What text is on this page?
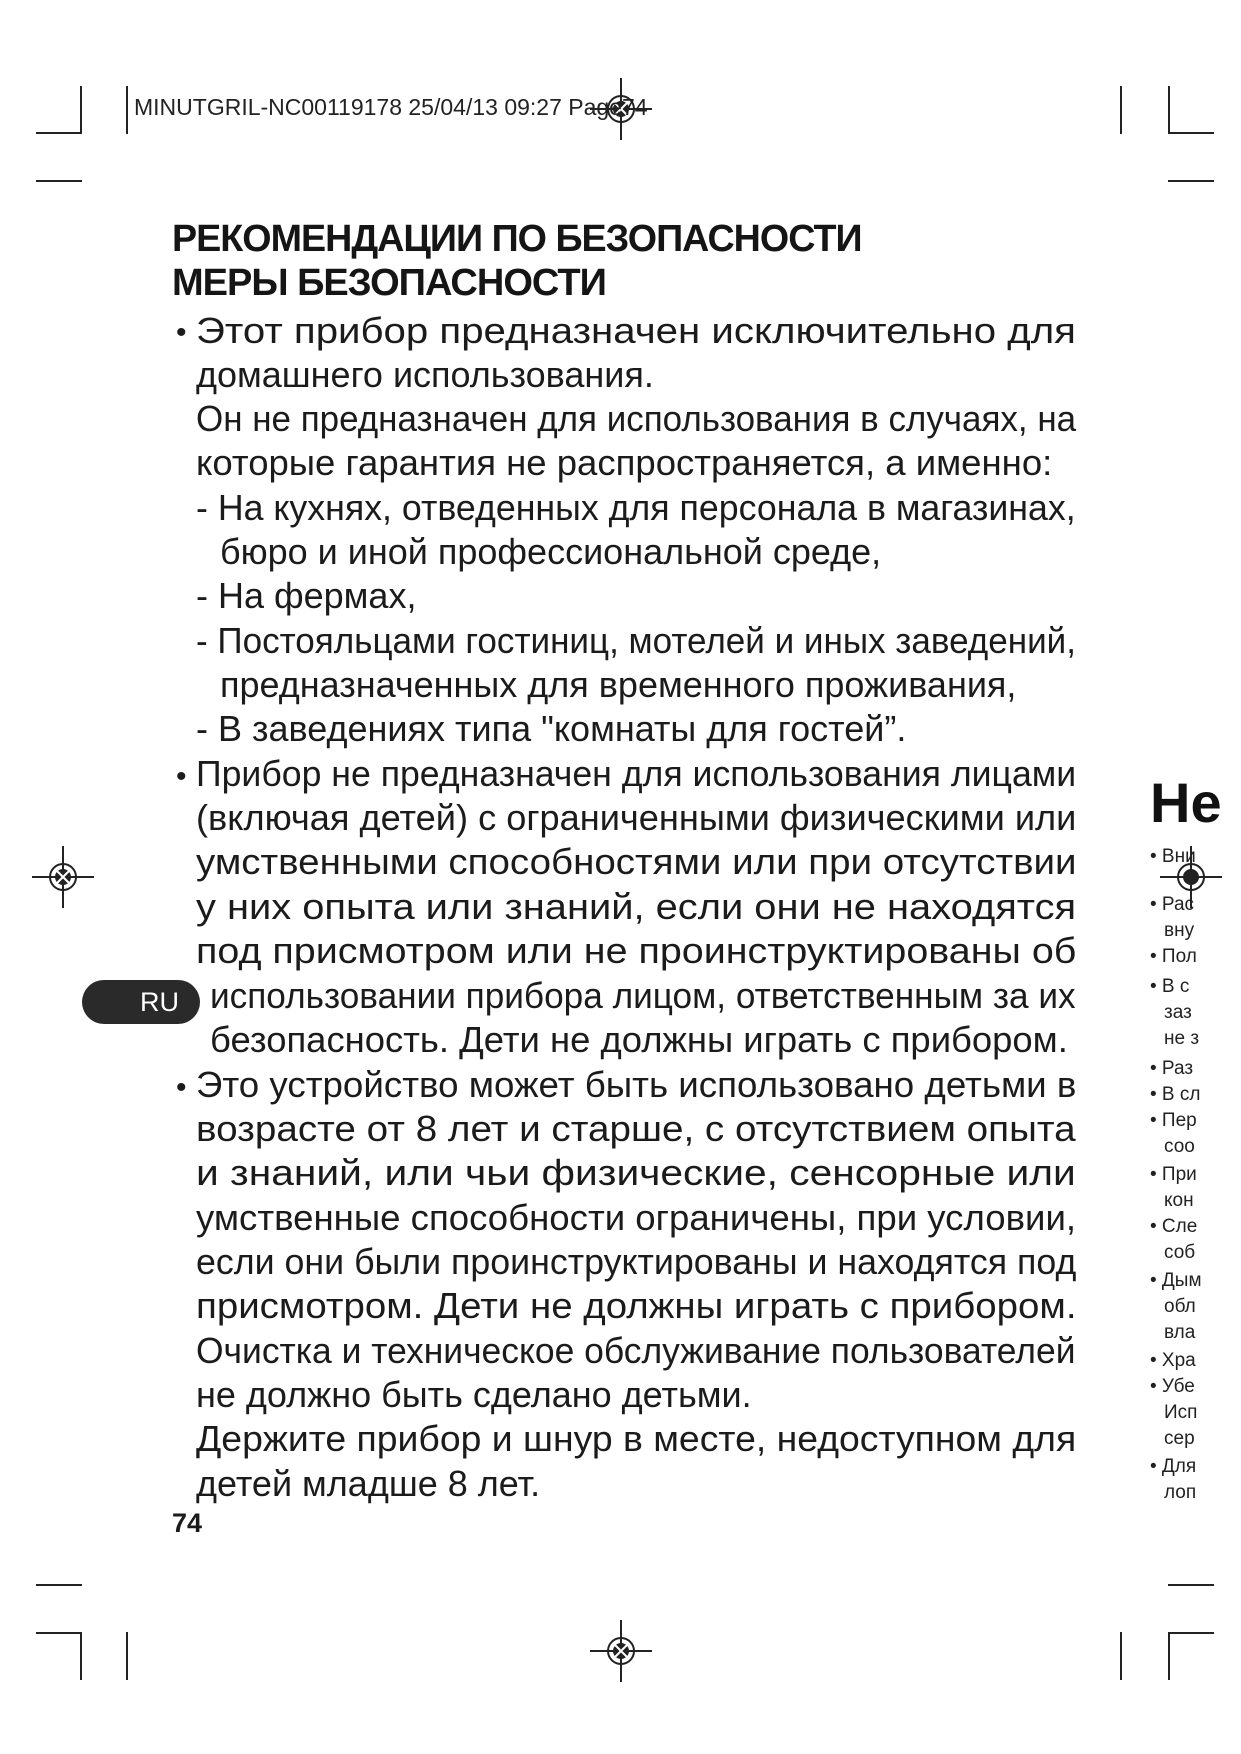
MINUTGRIL-NC00119178 25/04/13 09:27 Page74
РЕКОМЕНДАЦИИ ПО БЕЗОПАСНОСТИ
МЕРЫ БЕЗОПАСНОСТИ
•
•
•
Этот прибор предназначен исключительно для
домашнего использования.
Он не предназначен для использования в случаях, на
которые гарантия не распространяется, а именно:
- На кухнях, отведенных для персонала в магазинах,
бюро и иной профессиональной среде,
- На фермах,
- Постояльцами гостиниц, мотелей и иных заведений,
предназначенных для временного проживания,
- В заведениях типа "комнаты для гостей”.
Прибор не предназначен для использования лицами
(включая детей) с ограниченными физическими или
умственными способностями или при отсутствии
у них опыта или знаний, если они не находятся
под присмотром или не проинструктированы об
использовании прибора лицом, ответственным за их
безопасность. Дети не должны играть с прибором.
Это устройство может быть использовано детьми в
возрасте от 8 лет и старше, с отсутствием опыта
и знаний, или чьи физические, сенсорные или
умственные способности ограничены, при условии,
если они были проинструктированы и находятся под
присмотром. Дети не должны играть с прибором.
Очистка и техническое обслуживание пользователей
не должно быть сделано детьми.
Держите прибор и шнур в месте, недоступном для
детей младше 8 лет.
RU
74
Не
• Вни
• Рас
вну
• Пол
• В с
заз
не з
• Раз
• В сл
• Пер
соо
• При
кон
• Сле
соб
• Дым
обл
вла
• Хра
• Убе
Исп
сер
• Для
лоп
